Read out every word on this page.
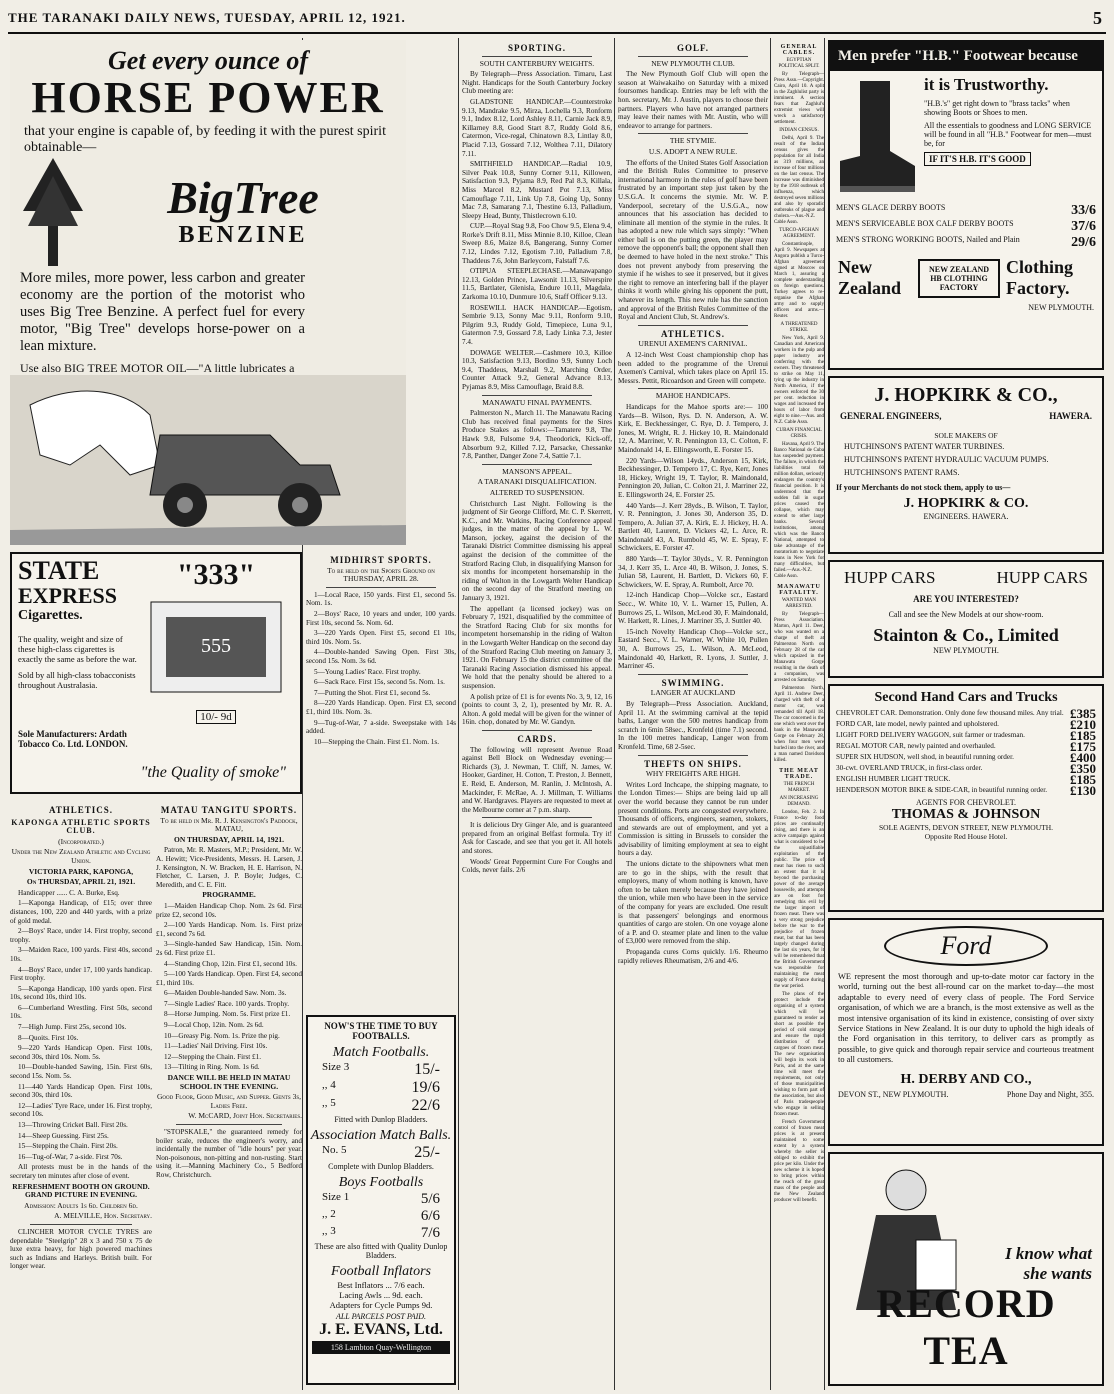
THE TARANAKI DAILY NEWS, TUESDAY, APRIL 12, 1921.	5
Get every ounce of
HORSE POWER
that your engine is capable of, by feeding it with the purest spirit obtainable—
BigTree
BENZINE
More miles, more power, less carbon and greater economy are the portion of the motorist who uses Big Tree Benzine. A perfect fuel for every motor, "Big Tree" develops horse-power on a lean mixture.
Use also BIG TREE MOTOR OIL—"A little lubricates a
STATE
EXPRESS
Cigarettes.
The quality, weight and size of these high-class cigarettes is exactly the same as before the war.
Sold by all high-class tobacconists throughout Australasia.
"333"
555
10/- 9d
Sole Manufacturers: Ardath Tobacco Co. Ltd. LONDON.
"the Quality of smoke"
MIDHIRST SPORTS.
To be held on the Sports Ground on THURSDAY, APRIL 28.

1—Local Race, 150 yards. First £1, second 5s. Nom. 1s.

2—Boys' Race, 10 years and under, 100 yards. First 10s, second 5s. Nom. 6d.

3—220 Yards Open. First £5, second £1 10s, third 10s. Nom. 5s.

4—Double-handed Sawing Open. First 30s, second 15s. Nom. 3s 6d.

5—Young Ladies' Race. First trophy.

6—Sack Race. First 15s, second 5s. Nom. 1s.

7—Putting the Shot. First £1, second 5s.

8—220 Yards Handicap. Open. First £3, second £1, third 10s. Nom. 3s.

9—Tug-of-War, 7 a-side. Sweepstake with 14s added.

10—Stepping the Chain. First £1. Nom. 1s.

ATHLETICS.
KAPONGA ATHLETIC SPORTS CLUB.
(Incorporated.)
Under the New Zealand Athletic and Cycling Union.
VICTORIA PARK, KAPONGA,
On THURSDAY, APRIL 21, 1921.

Handicapper ...... C. A. Burke, Esq.

1—Kaponga Handicap, of £15; over three distances, 100, 220 and 440 yards, with a prize of gold medal.

2—Boys' Race, under 14. First trophy, second trophy.

3—Maiden Race, 100 yards. First 40s, second 10s.

4—Boys' Race, under 17, 100 yards handicap. First trophy.

5—Kaponga Handicap, 100 yards open. First 10s, second 10s, third 10s.

6—Cumberland Wrestling. First 50s, second 10s.

7—High Jump. First 25s, second 10s.

8—Quoits. First 10s.

9—220 Yards Handicap Open. First 100s, second 30s, third 10s. Nom. 5s.

10—Double-handed Sawing, 15in. First 60s, second 15s. Nom. 5s.

11—440 Yards Handicap Open. First 100s, second 30s, third 10s.

12—Ladies' Tyre Race, under 16. First trophy, second 10s.

13—Throwing Cricket Ball. First 20s.

14—Sheep Guessing. First 25s.

15—Stepping the Chain. First 20s.

16—Tug-of-War, 7 a-side. First 70s.

All protests must be in the hands of the secretary ten minutes after close of event.

REFRESHMENT BOOTH ON GROUND. GRAND PICTURE IN EVENING.
Admission: Adults 1s 6d. Children 6d.
A. MELVILLE, Hon. Secretary.

CLINCHER MOTOR CYCLE TYRES are dependable "Steelgrip" 28 x 3 and 750 x 75 de luxe extra heavy, for high powered machines such as Indians and Harleys. British built. For longer wear.

MATAU TANGITU SPORTS.
To be held in Mr. R. J. Kensington's Paddock, MATAU,
ON THURSDAY, APRIL 14, 1921.

Patron, Mr. R. Masters, M.P.; President, Mr. W. A. Hewitt; Vice-Presidents, Messrs. H. Larsen, J. J. Kensington, N. W. Bracken, H. E. Harrison, N. Fletcher, C. Larsen, J. P. Boyle; Judges, C. Meredith, and C. E. Fitt.

PROGRAMME.

1—Maiden Handicap Chop. Nom. 2s 6d. First prize £2, second 10s.

2—100 Yards Handicap. Nom. 1s. First prize £1, second 7s 6d.

3—Single-handed Saw Handicap, 15in. Nom. 2s 6d. First prize £1.

4—Standing Chop, 12in. First £1, second 10s.

5—100 Yards Handicap. Open. First £4, second £1, third 10s.

6—Maiden Double-handed Saw. Nom. 3s.

7—Single Ladies' Race. 100 yards. Trophy.

8—Horse Jumping. Nom. 5s. First prize £1.

9—Local Chop, 12in. Nom. 2s 6d.

10—Greasy Pig. Nom. 1s. Prize the pig.

11—Ladies' Nail Driving. First 10s.

12—Stepping the Chain. First £1.

13—Tilting in Ring. Nom. 1s 6d.

DANCE WILL BE HELD IN MATAU SCHOOL IN THE EVENING.
Good Floor, Good Music, and Supper. Gents 3s, Ladies Free.
W. McCARD, Joint Hon. Secretaries.

"STOPSKALE," the guaranteed remedy for boiler scale, reduces the engineer's worry, and incidentally the number of "idle hours" per year. Non-poisonous, non-pitting and non-rusting. Start using it.—Manning Machinery Co., 5 Bedford Row, Christchurch.

NOW'S THE TIME TO BUY FOOTBALLS.
Match Footballs.
Size 3	15/-
,, 4	19/6
,, 5	22/6
Fitted with Dunlop Bladders.
Association Match Balls.
No. 5	25/-
Complete with Dunlop Bladders.
Boys Footballs
Size 1	5/6
,, 2	6/6
,, 3	7/6
These are also fitted with Quality Dunlop Bladders.
Football Inflators
Best Inflators ... 7/6 each.
Lacing Awls ... 9d. each.
Adapters for Cycle Pumps 9d.
ALL PARCELS POST PAID.
J. E. EVANS, Ltd.
158 Lambton Quay-Wellington
SPORTING.
SOUTH CANTERBURY WEIGHTS.

By Telegraph—Press Association. Timaru, Last Night. Handicaps for the South Canterbury Jockey Club meeting are:

GLADSTONE HANDICAP.—Counterstroke 9.13, Mandrake 9.5, Mirza, Lochella 9.3, Ronform 9.1, Index 8.12, Lord Ashley 8.11, Carnie Jack 8.9, Killarney 8.8, Good Start 8.7, Ruddy Gold 8.6, Catermon, Vice-regal, Chinatown 8.3, Lintlay 8.0, Placid 7.13, Gossard 7.12, Wolthea 7.11, Dilatory 7.11.

SMITHFIELD HANDICAP.—Radial 10.9, Silver Peak 10.8, Sunny Corner 9.11, Killowen, Satisfaction 9.3, Pyjama 8.9, Red Pal 8.3, Killala, Miss Marcel 8.2, Mustard Pot 7.13, Miss Camouflage 7.11, Link Up 7.8, Going Up, Sonny Mac 7.8, Samarang 7.1, Thestine 6.13, Palladium, Sleepy Head, Bunty, Thistlecrown 6.10.

CUP.—Royal Stag 9.8, Foo Chow 9.5, Elena 9.4, Rorke's Drift 8.11, Miss Minnie 8.10, Killoe, Clean Sweep 8.6, Maize 8.6, Bangerang, Sunny Corner 7.12, Lindes 7.12, Egotism 7.10, Palladium 7.8, Thaddeus 7.6, John Barleycorn, Falstaff 7.6.

OTIPUA STEEPLECHASE.—Manawapango 12.13, Golden Prince, Lawsonit 11.13, Silverspire 11.5, Bartlater, Glenisla, Endure 10.11, Magdala, Zarkoma 10.10, Dunmure 10.6, Staff Officer 9.13.

ROSEWILL HACK HANDICAP.—Egotism, Sembrie 9.13, Sonny Mac 9.11, Ronform 9.10, Pilgrim 9.3, Ruddy Gold, Timepiece, Luna 9.1, Gatermon 7.9, Gossard 7.8, Lady Linka 7.3, Jester 7.4.

DOWAGE WELTER.—Cashmere 10.3, Killoe 10.3, Satisfaction 9.13, Bordino 9.9, Sunny Loch 9.4, Thaddeus, Marshall 9.2, Marching Order, Counter Attack 9.2, General Advance 8.13, Pyjamas 8.9, Miss Camouflage, Braid 8.8.

MANAWATU FINAL PAYMENTS.

Palmerston N., March 11. The Manawatu Racing Club has received final payments for the Sires Produce Stakes as follows:—Tamatere 9.8, The Hawk 9.8, Fulsome 9.4, Theodorick, Kick-off, Absorbum 9.2, Killed 7.12, Parsacke, Chessanke 7.8, Panther, Danger Zone 7.4, Sattie 7.1.

MANSON'S APPEAL.
A TARANAKI DISQUALIFICATION.
ALTERED TO SUSPENSION.

Christchurch Last Night. Following is the judgment of Sir George Clifford, Mr. C. P. Skerrett, K.C., and Mr. Watkins, Racing Conference appeal judges, in the matter of the appeal by L. W. Manson, jockey, against the decision of the Taranaki District Committee dismissing his appeal against the decision of the committee of the Stratford Racing Club, in disqualifying Manson for six months for incompetent horsemanship in the riding of Walton in the Lowgarth Welter Handicap on the second day of the Stratford meeting on January 3, 1921.

The appellant (a licensed jockey) was on February 7, 1921, disqualified by the committee of the Stratford Racing Club for six months for incompetent horsemanship in the riding of Walton in the Lowgarth Welter Handicap on the second day of the Stratford Racing Club meeting on January 3, 1921. On February 15 the district committee of the Taranaki Racing Association dismissed his appeal. We hold that the penalty should be altered to a suspension.

A polish prize of £1 is for events No. 3, 9, 12, 16 (points to count 3, 2, 1), presented by Mr. R. A. Alton. A gold medal will be given for the winner of 16in. chop, donated by Mr. W. Gandyn.

CARDS.

The following will represent Avenue Road against Bell Block on Wednesday evening:—Richards (3), J. Newman, T. Cliff, N. James, W. Hooker, Gardiner, H. Cotton, T. Preston, J. Bennett, E. Reid, E. Anderson, M. Ranlin, J. McIntosh, A. Mackinder, F. McRae, A. J. Millman, T. Williams and W. Hardgraves. Players are requested to meet at the Melbourne corner at 7 p.m. sharp.

It is delicious Dry Ginger Ale, and is guaranteed prepared from an original Belfast formula. Try it! Ask for Cascade, and see that you get it. All hotels and stores.

Woods' Great Peppermint Cure For Coughs and Colds, never fails. 2/6

GOLF.
NEW PLYMOUTH CLUB.

The New Plymouth Golf Club will open the season at Waiwakaiho on Saturday with a mixed foursomes handicap. Entries may be left with the hon. secretary, Mr. J. Austin, players to choose their partners. Players who have not arranged partners may leave their names with Mr. Austin, who will endeavor to arrange for partners.

THE STYMIE.
U.S. ADOPT A NEW RULE.

The efforts of the United States Golf Association and the British Rules Committee to preserve international harmony in the rules of golf have been frustrated by an important step just taken by the U.S.G.A. It concerns the stymie. Mr. W. P. Vanderpool, secretary of the U.S.G.A., now announces that his association has decided to eliminate all mention of the stymie in the rules. It has adopted a new rule which says simply: "When either ball is on the putting green, the player may remove the opponent's ball; the opponent shall then be deemed to have holed in the next stroke." This does not prevent anybody from preserving the stymie if he wishes to see it preserved, but it gives the right to remove an interfering ball if the player thinks it worth while giving his opponent the putt, whatever its length. This new rule has the sanction and approval of the British Rules Committee of the Royal and Ancient Club, St. Andrew's.

ATHLETICS.
URENUI AXEMEN'S CARNIVAL.

A 12-inch West Coast championship chop has been added to the programme of the Urenui Axemen's Carnival, which takes place on April 15. Messrs. Pettit, Ricoardson and Green will compete.

MAHOE HANDICAPS.

Handicaps for the Mahoe sports are:— 100 Yards—B. Wilson, Rys. D. N. Anderson, A. W. Kirk, E. Beckhessinger, C. Rye, D. J. Tempero, J. Jones, M. Wright, R. J. Hickey 10, R. Maindonald 12, A. Marriner, V. R. Pennington 13, C. Colton, F. Maindonald 14, E. Ellingsworth, E. Forster 15.

220 Yards—Wilson 14yds., Anderson 15, Kirk, Beckhessinger, D. Tempero 17, C. Rye, Kerr, Jones 18, Hickey, Wright 19, T. Taylor, R. Maindonald, Pennington 20, Julian, C. Colton 21, J. Marriner 22, E. Ellingsworth 24, E. Forster 25.

440 Yards—J. Kerr 28yds., B. Wilson, T. Taylor, V. R. Pennington, J. Jones 30, Anderson 35, D. Tempero, A. Julian 37, A. Kirk, E. J. Hickey, H. A. Bartlett 40, Laurent, D. Vickers 42, L. Arce, R. Maindonald 43, A. Rumbold 45, W. E. Spray, F. Schwickers, E. Forster 47.

880 Yards—T. Taylor 30yds., V. R. Pennington 34, J. Kerr 35, L. Arce 40, B. Wilson, J. Jones, S. Julian 58, Laurent, H. Bartlett, D. Vickers 60, F. Schwickers, W. E. Spray, A. Rumbolt, Arce 70.

12-inch Handicap Chop—Volcke scr., Eastard Secc., W. White 10, V. L. Warner 15, Pullen, A. Burrows 25, L. Wilson, McLeod 30, F. Maindonald, W. Harkett, R. Lines, J. Marriner 35, J. Suttler 40.

15-inch Novelty Handicap Chop—Volcke scr., Eastard Secc., V. L. Warner, W. White 10, Pullen 30, A. Burrows 25, L. Wilson, A. McLeod, Maindonald 40, Harkett, R. Lyons, J. Suttler, J. Marriner 45.

SWIMMING.
LANGER AT AUCKLAND

By Telegraph—Press Association. Auckland, April 11. At the swimming carnival at the tepid baths, Langer won the 500 metres handicap from scratch in 6min 58sec., Kronfeld (time 7.1) second. In the 100 metres handicap, Langer won from Kronfeld. Time, 68 2-5sec.

THEFTS ON SHIPS.
WHY FREIGHTS ARE HIGH.

Writes Lord Inchcape, the shipping magnate, to the London Times:— Ships are being laid up all over the world because they cannot be run under present conditions. Ports are congested everywhere. Thousands of officers, engineers, seamen, stokers, and stewards are out of employment, and yet a Commission is sitting in Brussels to consider the advisability of limiting employment at sea to eight hours a day.

The unions dictate to the shipowners what men are to go in the ships, with the result that employers, many of whom nothing is known, have often to be taken merely because they have joined the union, while men who have been in the service of the company for years are excluded. One result is that passengers' belongings and enormous quantities of cargo are stolen. On one voyage alone of a P. and O. steamer plate and linen to the value of £3,000 were removed from the ship.

Propaganda cures Corns quickly. 1/6. Rheumo rapidly relieves Rheumatism, 2/6 and 4/6.

Men prefer "H.B." Footwear because
it is Trustworthy.
"H.B.'s" get right down to "brass tacks" when showing Boots or Shoes to men.
All the essentials to goodness and LONG SERVICE will be found in all "H.B." Footwear for men—must be, for
IF IT'S H.B. IT'S GOOD
MEN'S GLACE DERBY BOOTS	33/6
MEN'S SERVICEABLE BOX CALF DERBY BOOTS	37/6
MEN'S STRONG WORKING BOOTS, Nailed and Plain	29/6
New Zealand
NEW ZEALAND HB CLOTHING FACTORY
Clothing Factory.
NEW PLYMOUTH.
J. HOPKIRK & CO.,
GENERAL ENGINEERS,	HAWERA.
SOLE MAKERS OF
HUTCHINSON'S PATENT WATER TURBINES.
HUTCHINSON'S PATENT HYDRAULIC VACUUM PUMPS.
HUTCHINSON'S PATENT RAMS.
If your Merchants do not stock them, apply to us—
J. HOPKIRK & CO.
ENGINEERS. HAWERA.
HUPP CARS	HUPP CARS
ARE YOU INTERESTED?
Call and see the New Models at our show-room.
Stainton & Co., Limited
NEW PLYMOUTH.
Second Hand Cars and Trucks
CHEVROLET CAR. Demonstration. Only done few thousand miles. Any trial. £385
FORD CAR, late model, newly painted and upholstered.	£210
LIGHT FORD DELIVERY WAGGON, suit farmer or tradesman.	£185
REGAL MOTOR CAR, newly painted and overhauled.	£175
SUPER SIX HUDSON, well shod, in beautiful running order.	£400
30-cwt. OVERLAND TRUCK, in first-class order.	£350
ENGLISH HUMBER LIGHT TRUCK.	£185
HENDERSON MOTOR BIKE & SIDE-CAR, in beautiful running order. £130
AGENTS FOR CHEVROLET.
THOMAS & JOHNSON
SOLE AGENTS, DEVON STREET, NEW PLYMOUTH.
Opposite Red House Hotel.
Ford
WE represent the most thorough and up-to-date motor car factory in the world, turning out the best all-round car on the market to-day—the most adaptable to every need of every class of people. The Ford Service organisation, of which we are a branch, is the most extensive as well as the most intensive organisation of its kind in existence, consisting of over sixty Service Stations in New Zealand. It is our duty to uphold the high ideals of the Ford organisation in this territory, to deliver cars as promptly as possible, to give quick and thorough repair service and courteous treatment to all customers.
H. DERBY AND CO.,
DEVON ST., NEW PLYMOUTH.	Phone Day and Night, 355.
I know what she wants
RECORD TEA
GENERAL CABLES.
EGYPTIAN POLITICAL SPLIT.

By Telegraph—Press Assn.—Copyright. Cairo, April 10. A split in the Zaghlulist party is imminent. A section fears that Zaghlul's extremist views will wreck a satisfactory settlement.

INDIAN CENSUS.

Delhi, April 9. The result of the Indian census gives the population for all India as 319 millions, an increase of four millions on the last census. The increase was diminished by the 1918 outbreak of influenza, which destroyed seven millions and also by sporadic outbreaks of plague and cholera.—Aus.-N.Z. Cable Assn.

TURCO-AFGHAN AGREEMENT.

Constantinople, April 9. Newspapers at Angora publish a Turco-Afghan agreement signed at Moscow on March 1, assuring a complete understanding on foreign questions. Turkey agrees to re-organise the Afghan army and to supply officers and arms.—Reuter.

A THREATENED STRIKE.

New York, April 9. Canadian and American workers in the pulp and paper industry are conferring with the owners. They threatened to strike on May 11, tying up the industry in North America, if the owners enforced the 30 per cent. reduction in wages and increased the hours of labor from eight to nine.—Aus. and N.Z. Cable Assn.

CUBAN FINANCIAL CRISIS.

Havana, April 9. The Banco National de Cuba has suspended payment. The failure, in which the liabilities total 60 million dollars, seriously endangers the country's financial position. It is understood that the sudden fall in sugar prices caused the collapse, which may extend to other large banks. Several institutions, among which was the Banco National, attempted to take advantage of the moratorium to negotiate loans in New York for many difficulties, but failed.—Aus.-N.Z. Cable Assn.

MANAWATU FATALITY.
WANTED MAN ARRESTED.

By Telegraph—Press Association. Marton, April 11. Deer, who was wanted on a charge of theft at Palmerston North on February 28 of the car which capsized in the Manawatu Gorge resulting in the death of a companion, was arrested on Saturday.

Palmerston North, April 11. Andrew Deer, charged with theft of a motor car, was remanded till April 18. The car concerned is the one which went over the bank in the Manawatu Gorge on February 28, when four men were hurled into the river, and a man named Davidson killed.

THE MEAT TRADE.
THE FRENCH MARKET.
AN INCREASING DEMAND.

London, Feb. 2. In France to-day food prices are continually rising, and there is an active campaign against what is considered to be the unjustifiable exploitation of the public. The price of meat has risen to such an extent that it is beyond the purchasing power of the average housewife, and attempts are on foot for remedying this evil by the larger import of frozen meat. There was a very strong prejudice before the war to the prejudice of frozen meat, but that has been largely changed during the last six years, for it will be remembered that the British Government was responsible for maintaining the meat supply of France during the war period.

The plans of the protect include the organising of a system which will be guaranteed to render as short as possible the period of cold storage and ensure the rapid distribution of the cargoes of frozen meat. The new organisation will begin its work in Paris, and at the same time will meet the requirements, not only of those municipalities wishing to form part of the association, but also of Paris tradespeople who engage in selling frozen meat.

French Government control of frozen meat prices is at present maintained to some extent by a system whereby the seller is obliged to exhibit the price per kilo. Under the new scheme it is hoped to bring prices within the reach of the great mass of the people and the New Zealand producer will benefit.
